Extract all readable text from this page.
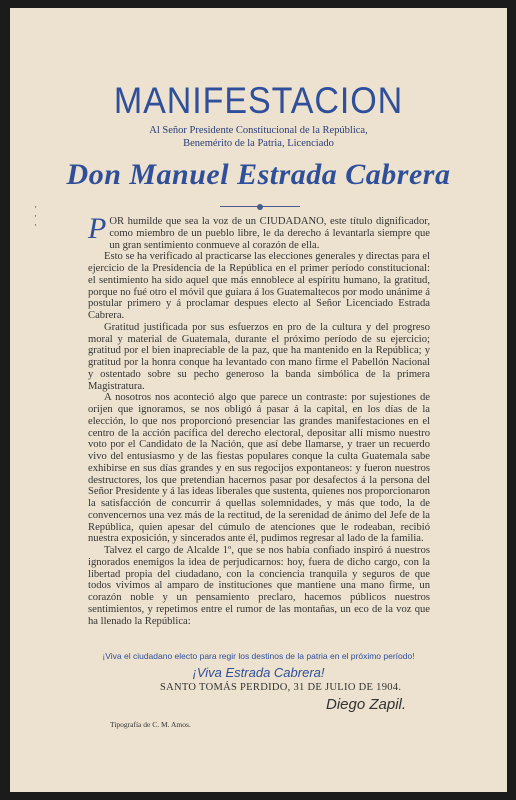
·
·
·
MANIFESTACION
Al Señor Presidente Constitucional de la República,
Benemérito de la Patria, Licenciado
Don Manuel Estrada Cabrera

POR humilde que sea la voz de un CIUDADANO, este título dignificador, como miembro de un pueblo libre, le da derecho á levantarla siempre que un gran sentimiento conmueve al corazón de ella.

Esto se ha verificado al practicarse las elecciones generales y directas para el ejercicio de la Presidencia de la República en el primer período constitucional: el sentimiento ha sido aquel que más ennoblece al espíritu humano, la gratitud, porque no fué otro el móvil que guiara á los Guatemaltecos por modo unánime á postular primero y á proclamar despues electo al Señor Licenciado Estrada Cabrera.

Gratitud justificada por sus esfuerzos en pro de la cultura y del progreso moral y material de Guatemala, durante el próximo período de su ejercicio; gratitud por el bien inapreciable de la paz, que ha mantenido en la República; y gratitud por la honra conque ha levantado con mano firme el Pabellón Nacional y ostentado sobre su pecho generoso la banda simbólica de la primera Magistratura.

A nosotros nos aconteció algo que parece un contraste: por sujestiones de orijen que ignoramos, se nos obligó á pasar á la capital, en los días de la elección, lo que nos proporcionó presenciar las grandes manifestaciones en el centro de la acción pacífica del derecho electoral, depositar allí mismo nuestro voto por el Candidato de la Nación, que así debe llamarse, y traer un recuerdo vivo del entusiasmo y de las fiestas populares conque la culta Guatemala sabe exhibirse en sus días grandes y en sus regocijos expontaneos: y fueron nuestros destructores, los que pretendian hacernos pasar por desafectos á la persona del Señor Presidente y á las ideas liberales que sustenta, quienes nos proporcionaron la satisfacción de concurrir á quellas solemnidades, y más que todo, la de convencernos una vez más de la rectitud, de la serenidad de ánimo del Jefe de la República, quien apesar del cúmulo de atenciones que le rodeaban, recibió nuestra exposición, y sincerados ante él, pudimos regresar al lado de la familia.

Talvez el cargo de Alcalde 1º, que se nos había confiado inspiró á nuestros ignorados enemigos la idea de perjudicarnos: hoy, fuera de dicho cargo, con la libertad propia del ciudadano, con la conciencia tranquila y seguros de que todos vivimos al amparo de instituciones que mantiene una mano firme, un corazón noble y un pensamiento preclaro, hacemos públicos nuestros sentimientos, y repetimos entre el rumor de las montañas, un eco de la voz que ha llenado la República:

¡Viva el ciudadano electo para regir los destinos de la patria en el próximo período!
¡Viva Estrada Cabrera!
SANTO TOMÁS PERDIDO, 31 DE JULIO DE 1904.
Diego Zapil.
Tipografía de C. M. Amos.
